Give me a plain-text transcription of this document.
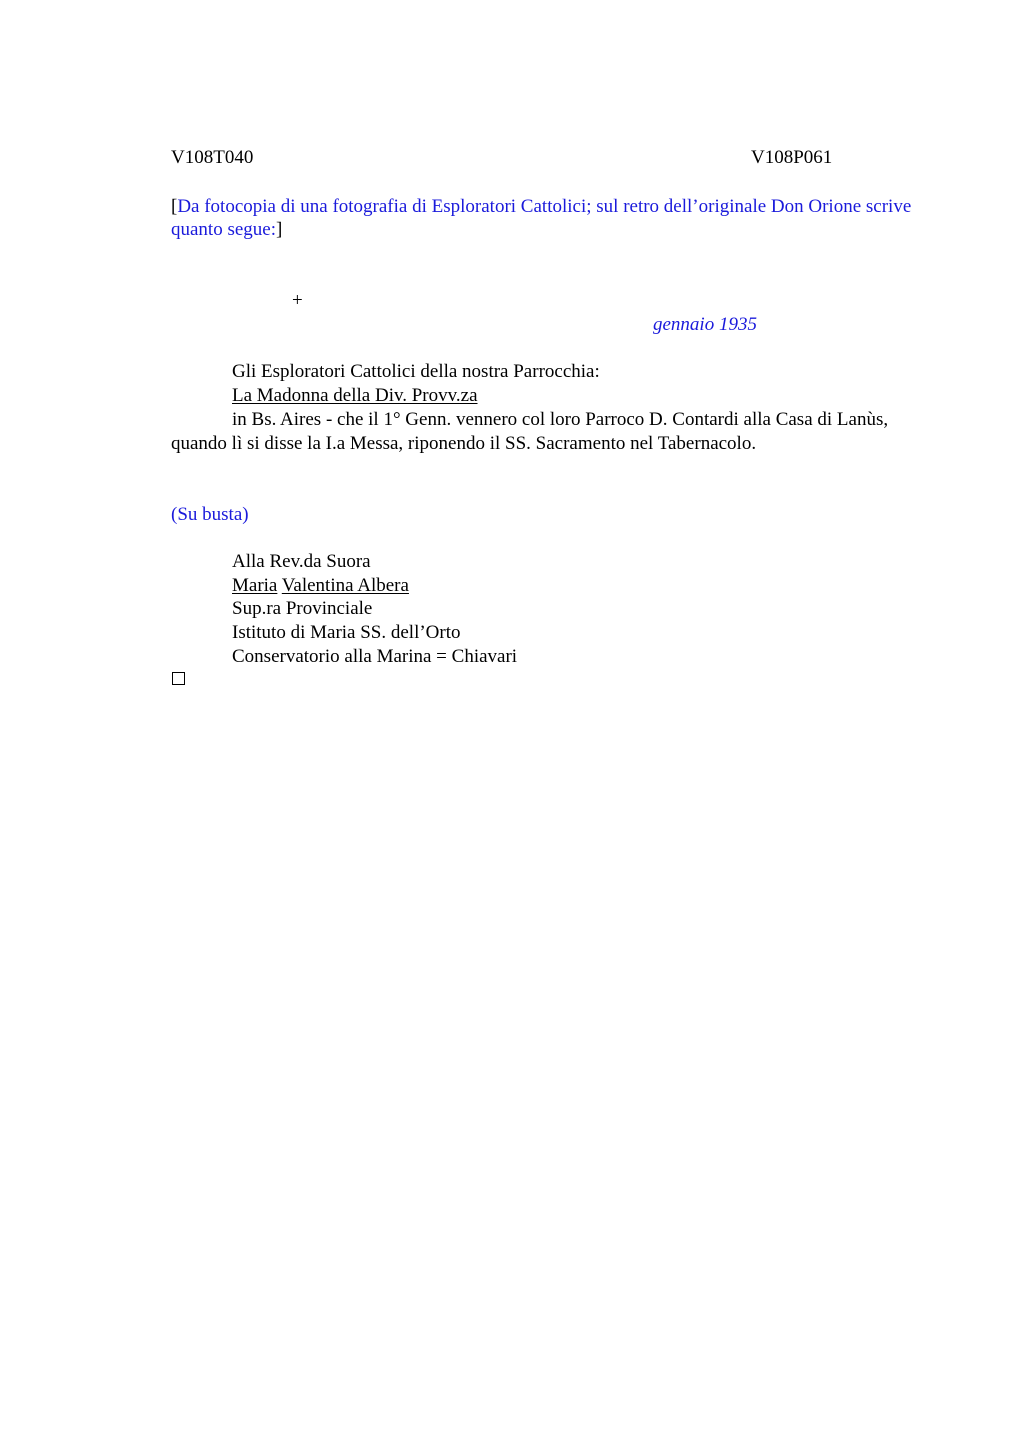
V108T040	V108P061
[Da fotocopia di una fotografia di Esploratori Cattolici; sul retro dell’originale Don Orione scrive quanto segue:]
+
gennaio 1935
Gli Esploratori Cattolici della nostra Parrocchia:
La Madonna della Div. Provv.za
in Bs. Aires - che il 1° Genn. vennero col loro Parroco D. Contardi alla Casa di Lanùs, quando lì si disse la I.a Messa, riponendo il SS. Sacramento nel Tabernacolo.
(Su busta)
Alla Rev.da Suora
Maria Valentina Albera
Sup.ra Provinciale
Istituto di Maria SS. dell’Orto
Conservatorio alla Marina = Chiavari
